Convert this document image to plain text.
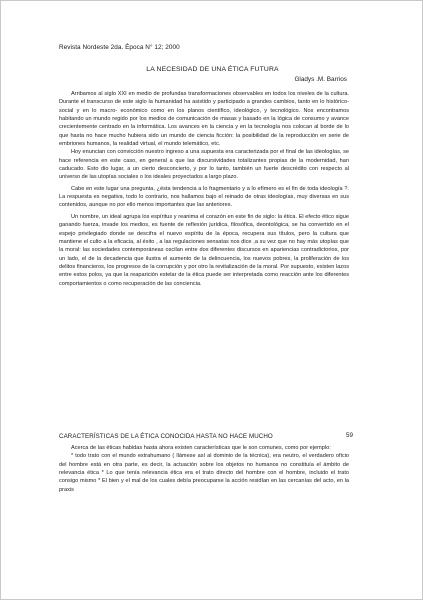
Revista Nordeste 2da. Época N° 12; 2000
LA NECESIDAD DE UNA ÉTICA FUTURA
Gladys .M. Barrios

Arribamos al siglo XXI en medio de profundas transformaciones observables en todos los niveles de la cultura. Durante el transcurso de este siglo la humanidad ha asistido y participado a grandes cambios, tanto en lo histórico-social y en lo macro- económico como en los planos científico, ideológico, y tecnológico. Nos encontramos habitando un mundo regido por los medios de comunicación de masas y basado en la lógica de consumo y avance crecientemente centrado en la informática. Los avances en la ciencia y en la tecnología nos colocan al borde de lo que hasta no hace mucho hubiera sido un mundo de ciencia ficción: la posibilidad de la reproducción en serie de embriones humanos, la realidad virtual, el mundo telemático, etc.

Hoy enuncian con convicción nuestro ingreso a una supuesta era caracterizada por el final de las ideologías, se hace referencia en este caso, en general a que las discursividades totalizantes propias de la modernidad, han caducado. Esto dio lugar, a un cierto desconcierto, y por lo tanto, también un fuerte descrédito con respecto al universo de las utopías sociales o los ideales proyectados a largo plazo.

Cabe en este lugar una pregunta, ¿ésta tendencia a lo fragmentario y a lo efímero es el fin de toda ideología ?. La respuesta es negativa, todo lo contrario, nos hallamos bajo el reinado de otras ideologías, muy diversas en sus contenidos, aunque no por ello menos importantes que las anteriores.

Un nombre, un ideal agrupa los espíritus y reanima el corazón en este fin de siglo: la ética. El efecto ético sigue ganando fuerza, invade los medios, es fuente de reflexión jurídica, filosófica, deontológica, se ha convertido en el espejo privilegiado donde se descifra el nuevo espíritu de la época, recupera sus títulos, pero la cultura que mantiene el culto a la eficacia, al éxito , a las regulaciones sensatas nos dice ,a su vez que no hay más utopías que la moral: las sociedades contemporáneas oscilan entre dos diferentes discursos en apariencias contradictorios, por un lado, el de la decadencia que ilustra el aumento de la delincuencia, los nuevos pobres, la proliferación de los delitos financieros, los progresos de la corrupción y por otro la revitalización de la moral. Por supuesto, existen lazos entre estos polos, ya que la reaparición estelar de la ética puede ser interpretada como reacción ante los diferentes comportamientos o como recuperación de las conciencia.

CARACTERÍSTICAS DE LA ÉTICA CONOCIDA HASTA NO HACE MUCHO

Acerca de las éticas habidas hasta ahora existen características que le son comunes, como por ejemplo:

* todo trato con el mundo extrahumano ( llámese así al dominio de la técnica), era neutro, el verdadero oficio del hombre está en otra parte, es decir, la actuación sobre los objetos no humanos no constituía el ámbito de relevancia ética * Lo que tenía relevancia ética era el trato directo del hombre con el hombre, incluido el trato consigo mismo * El bien y el mal de los cuales debía preocuparse la acción residían en las cercanías del acto, en la praxis

59
